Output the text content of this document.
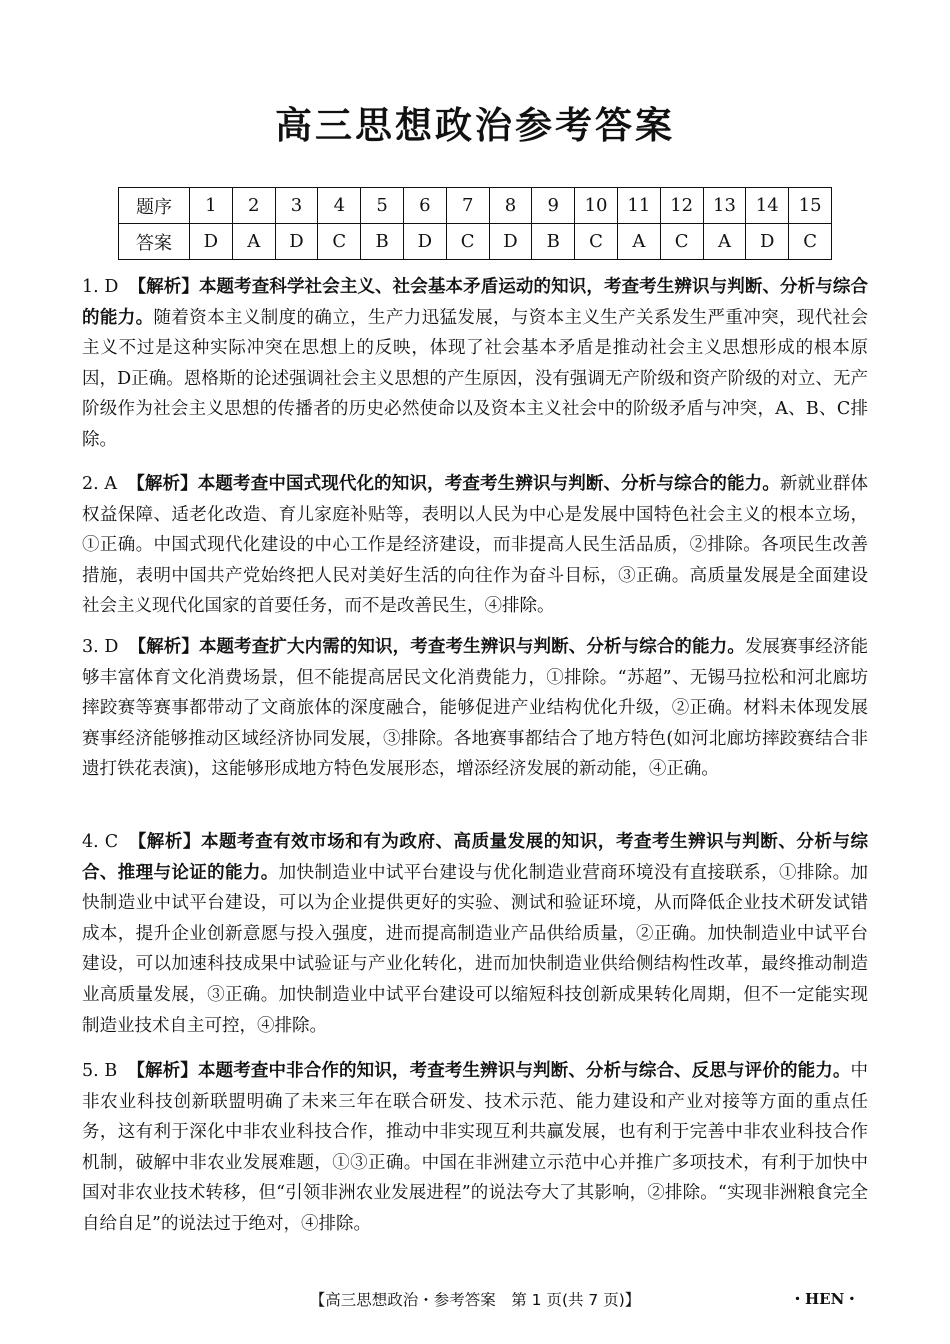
高三思想政治参考答案
题序	1	2	3	4	5	6	7	8	9	10	11	12	13	14	15
答案	D	A	D	C	B	D	C	D	B	C	A	C	A	D	C
1. D 【解析】本题考查科学社会主义、社会基本矛盾运动的知识，考查考生辨识与判断、分析与综合的能力。随着资本主义制度的确立，生产力迅猛发展，与资本主义生产关系发生严重冲突，现代社会主义不过是这种实际冲突在思想上的反映，体现了社会基本矛盾是推动社会主义思想形成的根本原因，D正确。恩格斯的论述强调社会主义思想的产生原因，没有强调无产阶级和资产阶级的对立、无产阶级作为社会主义思想的传播者的历史必然使命以及资本主义社会中的阶级矛盾与冲突，A、B、C排除。
2. A 【解析】本题考查中国式现代化的知识，考查考生辨识与判断、分析与综合的能力。新就业群体权益保障、适老化改造、育儿家庭补贴等，表明以人民为中心是发展中国特色社会主义的根本立场，①正确。中国式现代化建设的中心工作是经济建设，而非提高人民生活品质，②排除。各项民生改善措施，表明中国共产党始终把人民对美好生活的向往作为奋斗目标，③正确。高质量发展是全面建设社会主义现代化国家的首要任务，而不是改善民生，④排除。
3. D 【解析】本题考查扩大内需的知识，考查考生辨识与判断、分析与综合的能力。发展赛事经济能够丰富体育文化消费场景，但不能提高居民文化消费能力，①排除。“苏超”、无锡马拉松和河北廊坊摔跤赛等赛事都带动了文商旅体的深度融合，能够促进产业结构优化升级，②正确。材料未体现发展赛事经济能够推动区域经济协同发展，③排除。各地赛事都结合了地方特色(如河北廊坊摔跤赛结合非遗打铁花表演)，这能够形成地方特色发展形态，增添经济发展的新动能，④正确。
4. C 【解析】本题考查有效市场和有为政府、高质量发展的知识，考查考生辨识与判断、分析与综合、推理与论证的能力。加快制造业中试平台建设与优化制造业营商环境没有直接联系，①排除。加快制造业中试平台建设，可以为企业提供更好的实验、测试和验证环境，从而降低企业技术研发试错成本，提升企业创新意愿与投入强度，进而提高制造业产品供给质量，②正确。加快制造业中试平台建设，可以加速科技成果中试验证与产业化转化，进而加快制造业供给侧结构性改革，最终推动制造业高质量发展，③正确。加快制造业中试平台建设可以缩短科技创新成果转化周期，但不一定能实现制造业技术自主可控，④排除。
5. B 【解析】本题考查中非合作的知识，考查考生辨识与判断、分析与综合、反思与评价的能力。中非农业科技创新联盟明确了未来三年在联合研发、技术示范、能力建设和产业对接等方面的重点任务，这有利于深化中非农业科技合作，推动中非实现互利共赢发展，也有利于完善中非农业科技合作机制，破解中非农业发展难题，①③正确。中国在非洲建立示范中心并推广多项技术，有利于加快中国对非农业技术转移，但“引领非洲农业发展进程”的说法夸大了其影响，②排除。“实现非洲粮食完全自给自足”的说法过于绝对，④排除。
【高三思想政治・参考答案　第 1 页(共 7 页)】	・HEN・
